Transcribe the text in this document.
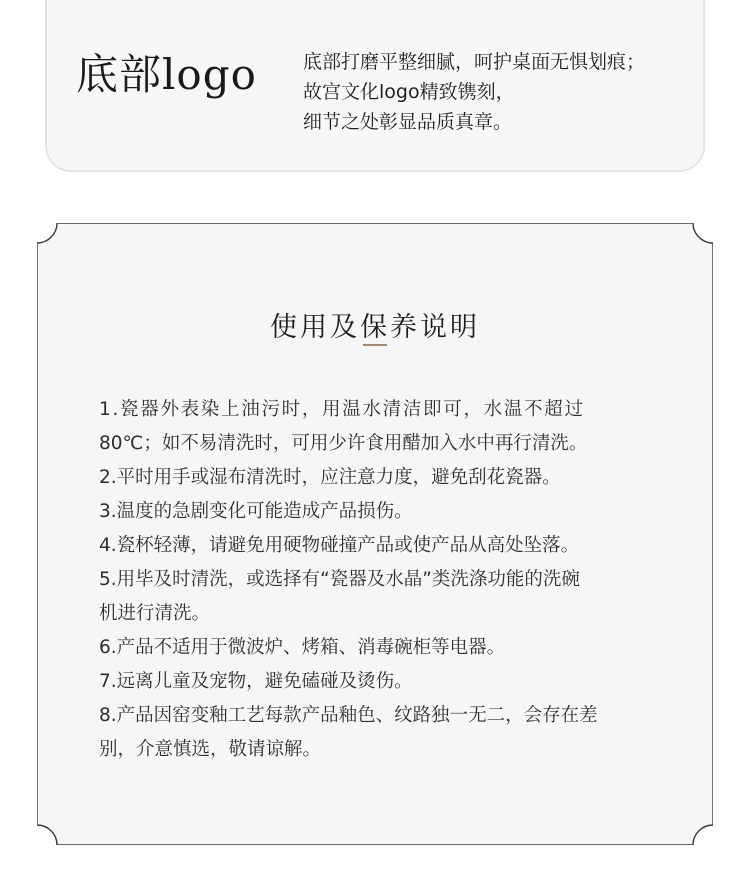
底部logo 底部打磨平整细腻，呵护桌面无惧划痕；
故宫文化logo精致镌刻，
细节之处彰显品质真章。
使用及保养说明
1.瓷器外表染上油污时，用温水清洁即可，水温不超过
80℃；如不易清洗时，可用少许食用醋加入水中再行清洗。
2.平时用手或湿布清洗时，应注意力度，避免刮花瓷器。
3.温度的急剧变化可能造成产品损伤。
4.瓷杯轻薄，请避免用硬物碰撞产品或使产品从高处坠落。
5.用毕及时清洗，或选择有“瓷器及水晶”类洗涤功能的洗碗
机进行清洗。
6.产品不适用于微波炉、烤箱、消毒碗柜等电器。
7.远离儿童及宠物，避免磕碰及烫伤。
8.产品因窑变釉工艺每款产品釉色、纹路独一无二，会存在差
别，介意慎选，敬请谅解。
